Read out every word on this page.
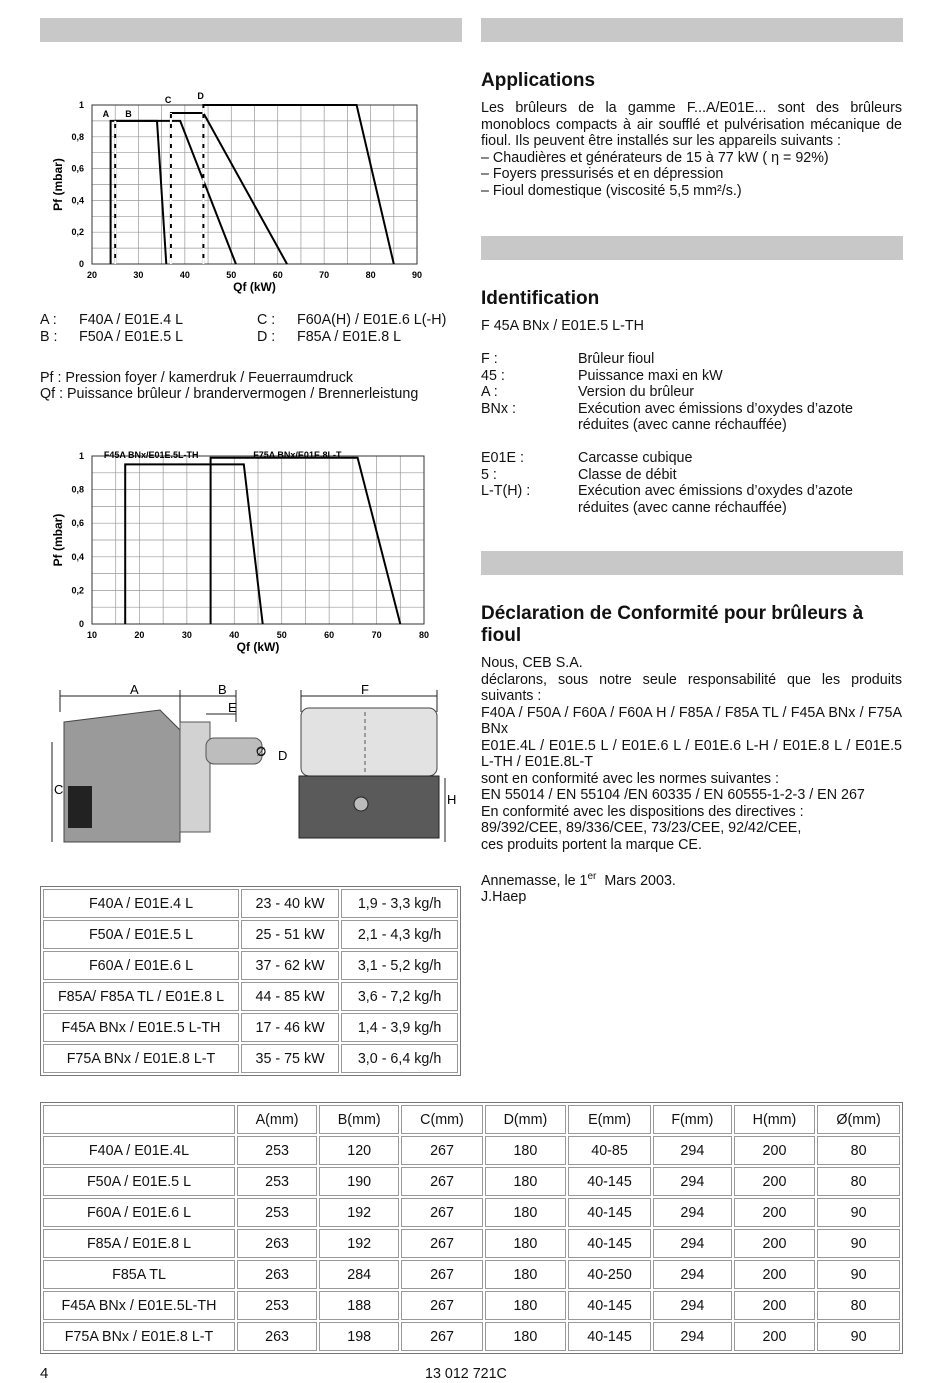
20	30	40	50	60	70	80	90
0
0,2
0,4
0,6
0,8
1
Qf (kW)
Pf (mbar)
A B
C	D
10	20	30	40	50	60	70	80
0
0,2
0,4
0,6
0,8
1
Qf (kW)
Pf (mbar)
F45A BNx/E01E.5L-TH	F75A BNx/E01E.8L-T
A :	F40A / E01E.4 L	C :	F60A(H) / E01E.6 L(-H)
B :	F50A / E01E.5 L	D :	F85A / E01E.8 L
Pf : Pression foyer / kamerdruk / Feuerraumdruck
Qf : Puissance brûleur / brandervermogen / Brennerleistung
A	B
E
C
∅ D
F
H
F40A / E01E.4 L	23 - 40 kW	1,9 - 3,3 kg/h
F50A / E01E.5 L	25 - 51 kW	2,1 - 4,3 kg/h
F60A / E01E.6 L	37 - 62 kW	3,1 - 5,2 kg/h
F85A/ F85A TL / E01E.8 L	44 - 85 kW	3,6 - 7,2 kg/h
F45A BNx / E01E.5 L-TH	17 - 46 kW	1,4 - 3,9 kg/h
F75A BNx / E01E.8 L-T	35 - 75 kW	3,0 - 6,4 kg/h
Applications
Les brûleurs de la gamme F...A/E01E... sont des brûleurs monoblocs compacts à air soufflé et pulvérisation mécanique de fioul. Ils peuvent être installés sur les appareils suivants :
– Chaudières et générateurs de 15 à 77 kW ( η = 92%)
– Foyers pressurisés et en dépression
– Fioul domestique (viscosité 5,5 mm²/s.)
Identification
F 45A BNx / E01E.5 L-TH
F :	Brûleur fioul
45 :	Puissance maxi en kW
A :	Version du brûleur
BNx :	Exécution avec émissions d’oxydes d’azote réduites (avec canne réchauffée)
E01E :	Carcasse cubique
5 :	Classe de débit
L-T(H) :	Exécution avec émissions d’oxydes d’azote réduites (avec canne réchauffée)
Déclaration de Conformité pour brûleurs à fioul
Nous, CEB S.A.
déclarons, sous notre seule responsabilité que les produits suivants :
F40A / F50A / F60A / F60A H / F85A / F85A TL / F45A BNx / F75A BNx
E01E.4L / E01E.5 L / E01E.6 L / E01E.6 L-H / E01E.8 L / E01E.5 L-TH / E01E.8L-T
sont en conformité avec les normes suivantes :
EN 55014 / EN 55104 /EN 60335 / EN 60555-1-2-3 / EN 267
En conformité avec les dispositions des directives :
89/392/CEE, 89/336/CEE, 73/23/CEE, 92/42/CEE,
ces produits portent la marque CE.
Annemasse, le 1er  Mars 2003.
J.Haep
	A(mm)	B(mm)	C(mm)	D(mm)	E(mm)	F(mm)	H(mm)	Ø(mm)
F40A / E01E.4L	253	120	267	180	40-85	294	200	80
F50A / E01E.5 L	253	190	267	180	40-145	294	200	80
F60A / E01E.6 L	253	192	267	180	40-145	294	200	90
F85A / E01E.8 L	263	192	267	180	40-145	294	200	90
F85A TL	263	284	267	180	40-250	294	200	90
F45A BNx / E01E.5L-TH	253	188	267	180	40-145	294	200	80
F75A BNx / E01E.8 L-T	263	198	267	180	40-145	294	200	90
4	13 012 721C
